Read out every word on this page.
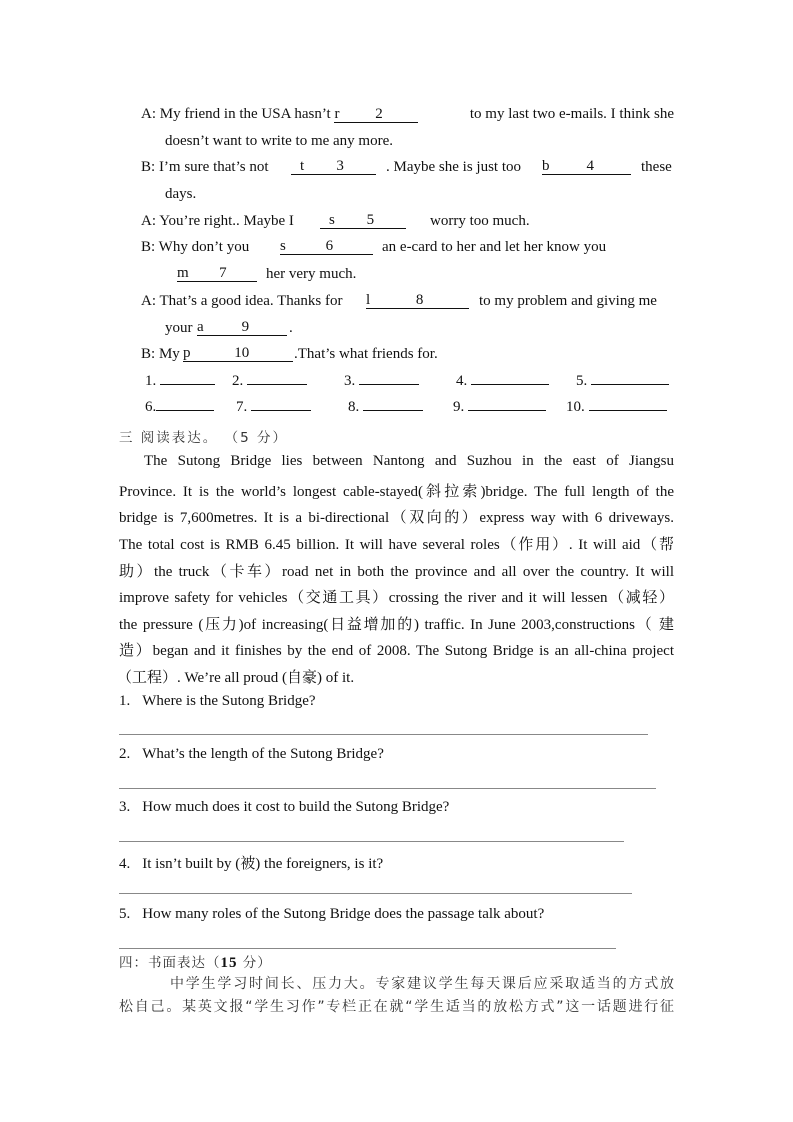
A: My friend in the USA hasn’t r 2	to my last two e-mails. I think she
doesn’t want to write to me any more.
B: I’m sure that’s not	t 3	. Maybe she is just too b 4	these
days.
A: You’re right.. Maybe I	s 5	worry too much.
B: Why don’t you s	6	an e-card to her and let her know you
m 7	her very much.
A: That’s a good idea. Thanks for l	8	to my problem and giving me
your a	9	.
B: My p	10	.That’s what friends for.
1.	2.	3.	4.	5.
6.	7.	8.	9.	10.
三 阅读表达。 （5 分）
The Sutong Bridge lies between Nantong and Suzhou in the east of Jiangsu
Province. It is the world’s longest cable-stayed(斜拉索)bridge. The full length of the
bridge is 7,600metres. It is a bi-directional（双向的）express way with 6 driveways.
The total cost is RMB 6.45 billion. It will have several roles（作用）. It will aid（帮
助）the truck（卡车）road net in both the province and all over the country. It will
improve safety for vehicles（交通工具）crossing the river and it will lessen（减轻）
the pressure (压力)of increasing(日益增加的) traffic. In June 2003,constructions（ 建
造）began and it finishes by the end of 2008. The Sutong Bridge is an all-china project
（工程）. We’re all proud (自豪) of it.
1. Where is the Sutong Bridge?
2. What’s the length of the Sutong Bridge?
3. How much does it cost to build the Sutong Bridge?
4. It isn’t built by (被) the foreigners, is it?
5. How many roles of the Sutong Bridge does the passage talk about?
四：书面表达（15 分）
中学生学习时间长、压力大。专家建议学生每天课后应采取适当的方式放
松自己。某英文报“学生习作”专栏正在就“学生适当的放松方式”这一话题进行征
